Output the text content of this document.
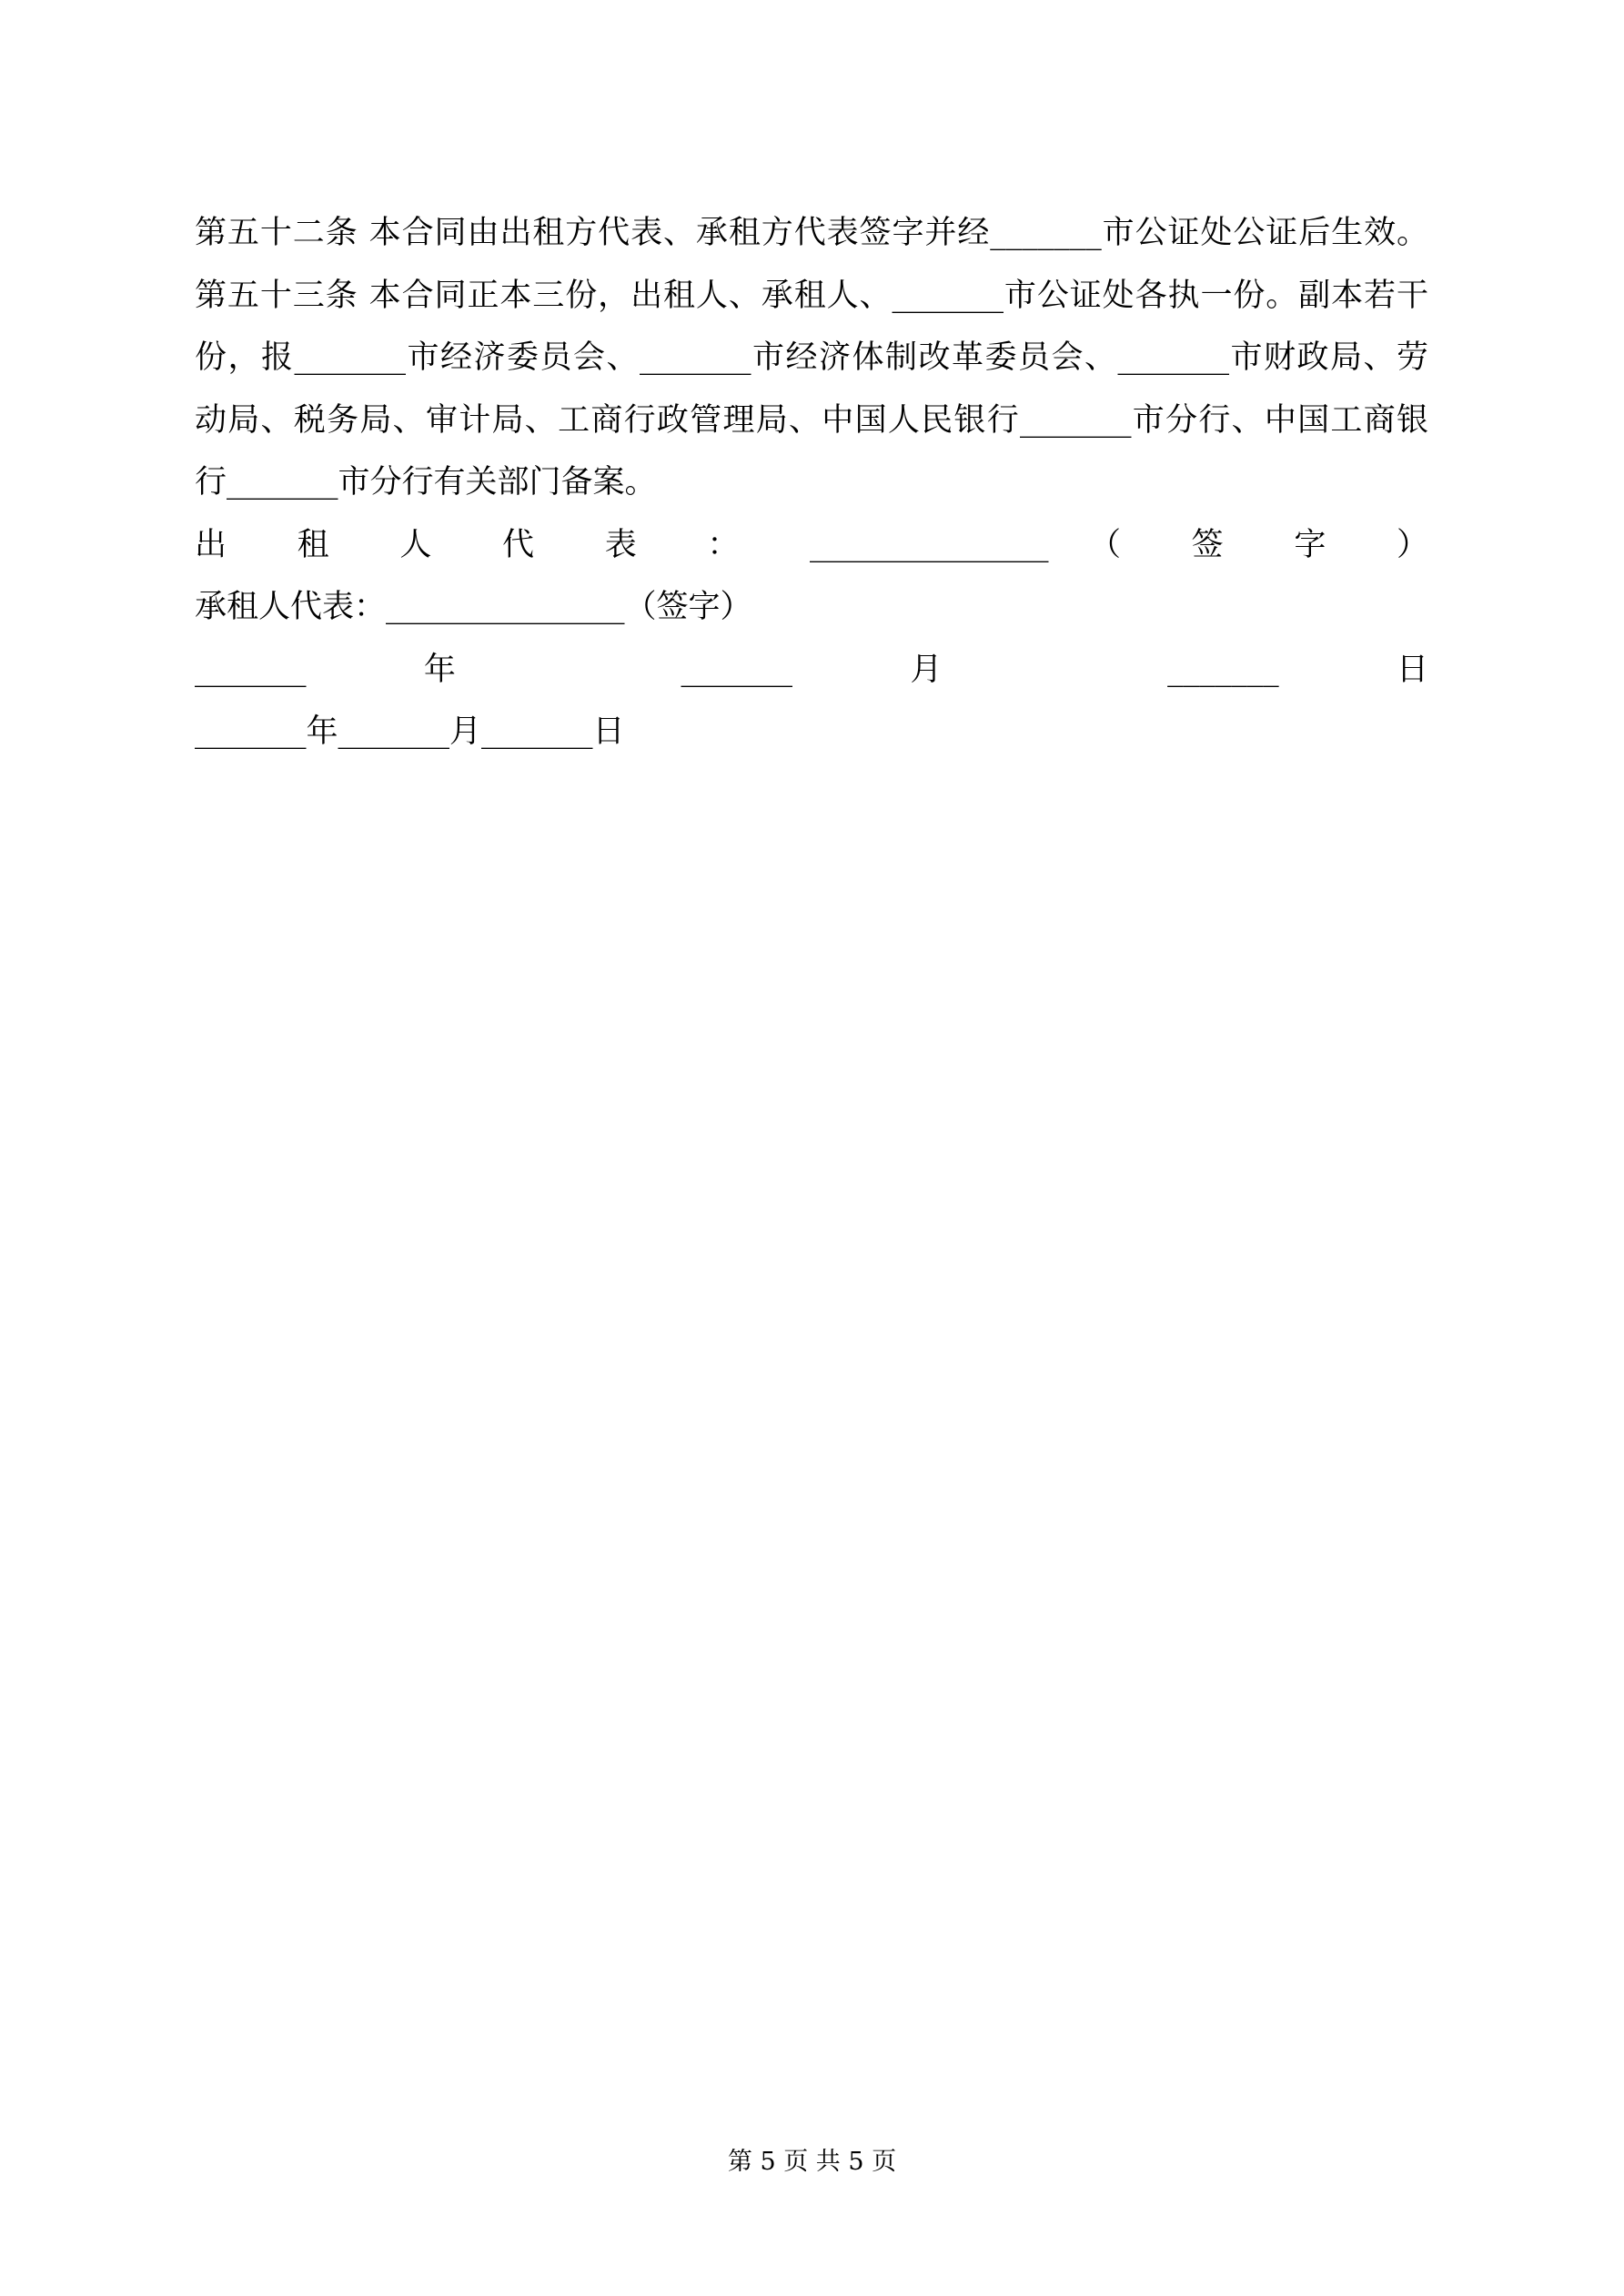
第五十二条 本合同由出租方代表、承租方代表签字并经_______市公证处公证后生效。
第五十三条 本合同正本三份，出租人、承租人、_______市公证处各执一份。副本若干
份，报_______市经济委员会、_______市经济体制改革委员会、_______市财政局、劳
动局、税务局、审计局、工商行政管理局、中国人民银行_______市分行、中国工商银
行_______市分行有关部门备案。
出 租 人 代 表 ： _______________ （ 签 字 ）
承租人代表：_______________（签字）
_______ 年 _______ 月 _______ 日
_______年_______月_______日
第 5 页 共 5 页
